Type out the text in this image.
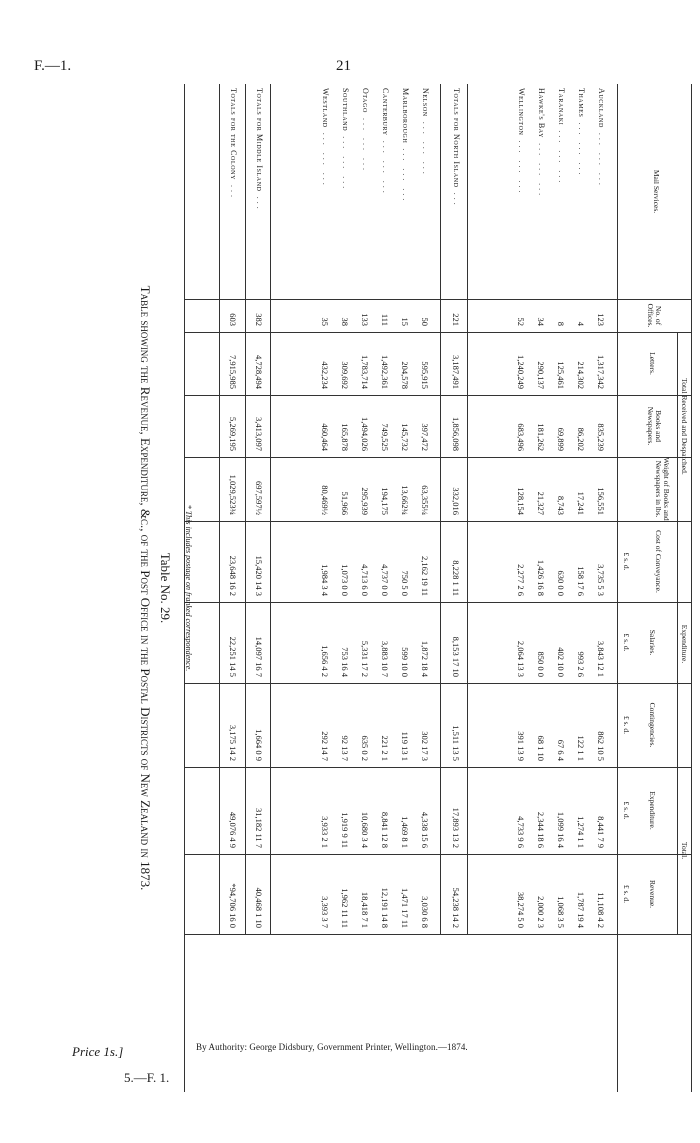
F.—1.	21
Table No. 29.
Table showing the Revenue, Expenditure, &c., of the Post Office in the Postal Districts of New Zealand in 1873.
Mail Services.
No. of Offices.
Total Received and Despatched.
Letters.
Books and Newspapers.
Weight of Books and Newspapers in lbs.
Expenditure.
Cost of Conveyance.
Salaries.
Contingencies.
Total.
Expenditure.
Revenue.
£ s. d.
£ s. d.
£ s. d.
£ s. d.
£ s. d.
Auckland ... ... ...
123
1,317,342
835,239
156,551
3,735 5 3
3,843 12 1
862 10 5
8,441 7 9
11,108 4 2
Thames ... ... ...
4
214,302
86,202
17,241
158 17 6
993 2 6
122 1 1
1,274 1 1
1,787 19 4
Taranaki ... ... ...
8
125,461
69,899
8,743
630 0 0
402 10 0
67 6 4
1,099 16 4
1,068 3 5
Hawke's Bay ... ... ...
34
290,137
181,262
21,327
1,426 16 8
850 0 0
68 1 10
2,344 18 6
2,000 2 3
Wellington ... ... ...
52
1,240,249
683,496
128,154
2,277 2 6
2,064 13 3
391 13 9
4,733 9 6
38,274 5 0
Totals for North Island ...
221
3,187,491
1,856,098
332,016
8,228 1 11
8,153 17 10
1,511 13 5
17,893 13 2
54,238 14 2
Nelson ... ... ...
50
595,915
397,472
63,355¼
2,162 19 11
1,872 18 4
302 17 3
4,338 15 6
3,030 6 8
Marlborough ... ... ...
15
204,578
145,732
13,662¾
750 5 0
599 10 0
119 13 1
1,469 8 1
1,471 17 11
Canterbury ... ... ...
111
1,492,361
749,525
194,175
4,737 0 0
3,883 10 7
221 2 1
8,841 12 8
12,191 14 8
Otago ... ... ...
133
1,783,714
1,494,026
295,939
4,713 6 0
5,331 17 2
635 0 2
10,680 3 4
18,418 7 1
Southland ... ... ...
38
309,692
165,878
51,966
1,073 0 0
753 16 4
92 13 7
1,919 9 11
1,962 11 11
Westland ... ... ...
35
432,234
460,464
80,469½
1,984 3 4
1,656 4 2
292 14 7
3,933 2 1
3,393 3 7
Totals for Middle Island ...
382
4,728,494
3,413,097
697,597½
15,420 14 3
14,097 16 7
1,664 0 9
31,182 11 7
40,468 1 10
Totals for the Colony ...
603
7,915,985
5,269,195
1,029,523¾
23,648 16 2
22,251 14 5
3,175 14 2
49,076 4 9
*94,706 16 0
* This includes postage on franked correspondence.
By Authority: George Didsbury, Government Printer, Wellington.—1874.
Price 1s.]
5.—F. 1.
